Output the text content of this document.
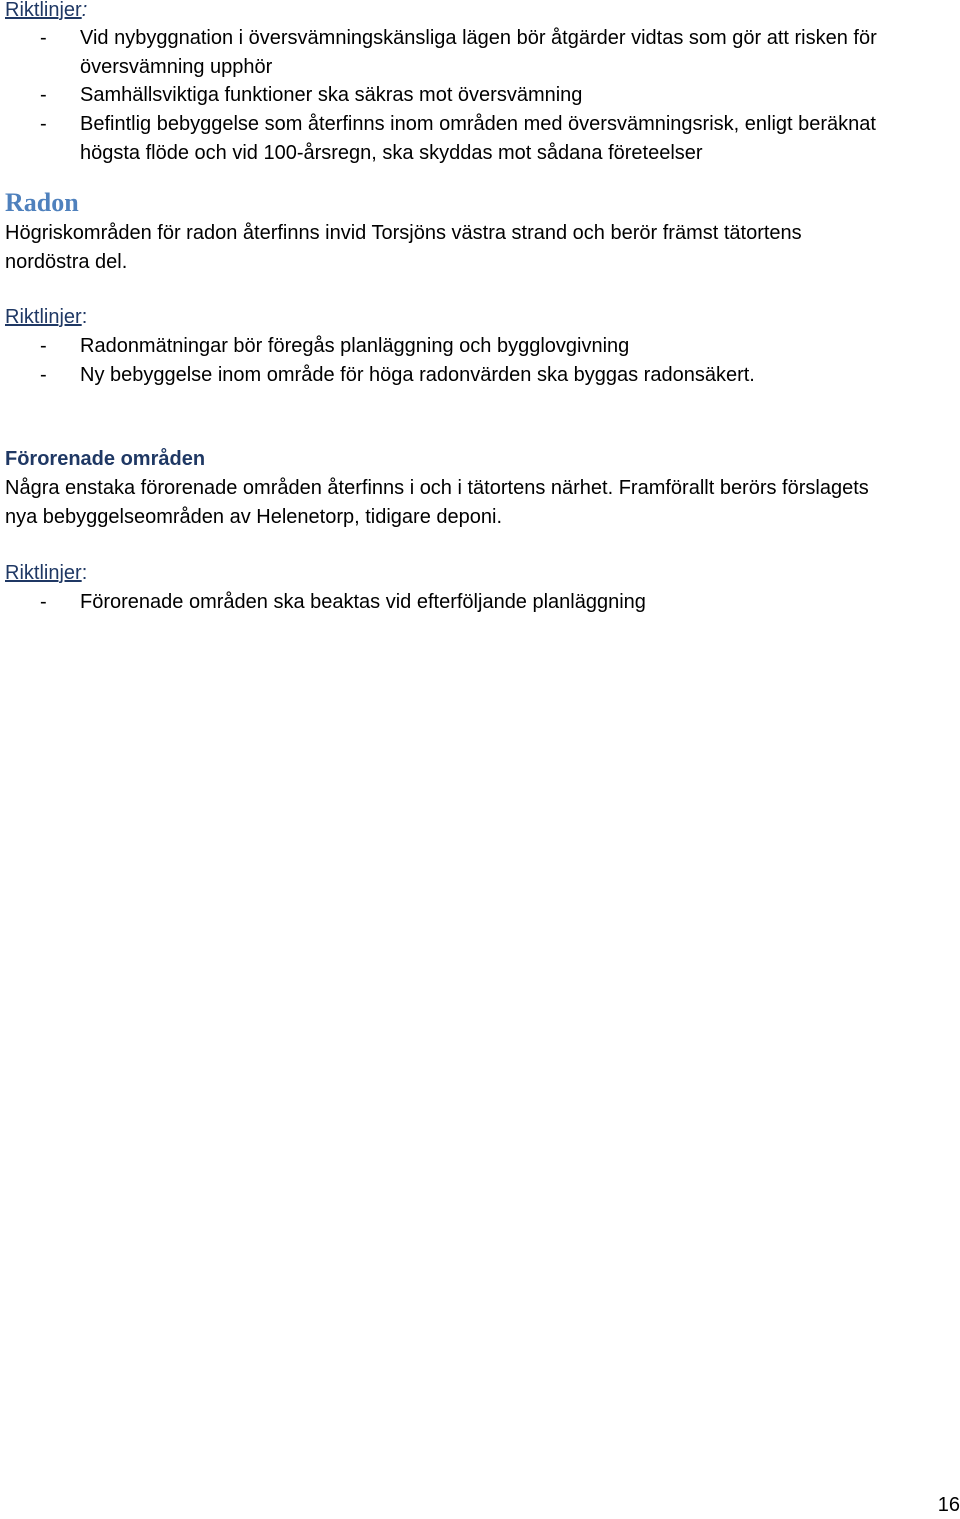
Riktlinjer:
- Vid nybyggnation i översvämningskänsliga lägen bör åtgärder vidtas som gör att risken för
översvämning upphör
- Samhällsviktiga funktioner ska säkras mot översvämning
- Befintlig bebyggelse som återfinns inom områden med översvämningsrisk, enligt beräknat
högsta flöde och vid 100-årsregn, ska skyddas mot sådana företeelser
Radon
Högriskområden för radon återfinns invid Torsjöns västra strand och berör främst tätortens
nordöstra del.
Riktlinjer:
- Radonmätningar bör föregås planläggning och bygglovgivning
- Ny bebyggelse inom område för höga radonvärden ska byggas radonsäkert.
Förorenade områden
Några enstaka förorenade områden återfinns i och i tätortens närhet. Framförallt berörs förslagets
nya bebyggelseområden av Helenetorp, tidigare deponi.
Riktlinjer:
- Förorenade områden ska beaktas vid efterföljande planläggning
16
